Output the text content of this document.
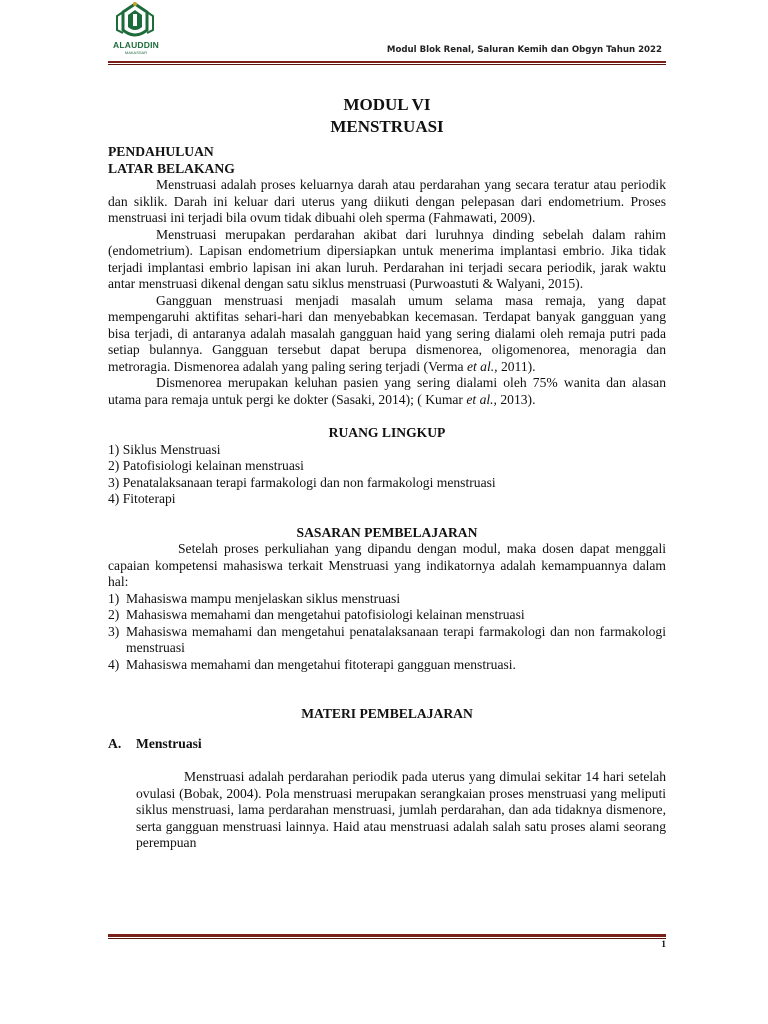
ALAUDDIN
MAKASSAR	Modul Blok Renal, Saluran Kemih dan Obgyn Tahun 2022
MODUL VI
MENSTRUASI
PENDAHULUAN
LATAR BELAKANG

Menstruasi adalah proses keluarnya darah atau perdarahan yang secara teratur atau periodik dan siklik. Darah ini keluar dari uterus yang diikuti dengan pelepasan dari endometrium. Proses menstruasi ini terjadi bila ovum tidak dibuahi oleh sperma (Fahmawati, 2009).

Menstruasi merupakan perdarahan akibat dari luruhnya dinding sebelah dalam rahim (endometrium). Lapisan endometrium dipersiapkan untuk menerima implantasi embrio. Jika tidak terjadi implantasi embrio lapisan ini akan luruh. Perdarahan ini terjadi secara periodik, jarak waktu antar menstruasi dikenal dengan satu siklus menstruasi (Purwoastuti & Walyani, 2015).

Gangguan menstruasi menjadi masalah umum selama masa remaja, yang dapat mempengaruhi aktifitas sehari-hari dan menyebabkan kecemasan. Terdapat banyak gangguan yang bisa terjadi, di antaranya adalah masalah gangguan haid yang sering dialami oleh remaja putri pada setiap bulannya. Gangguan tersebut dapat berupa dismenorea, oligomenorea, menoragia dan metroragia. Dismenorea adalah yang paling sering terjadi (Verma et al., 2011).

Dismenorea merupakan keluhan pasien yang sering dialami oleh 75% wanita dan alasan utama para remaja untuk pergi ke dokter (Sasaki, 2014); ( Kumar et al., 2013).

RUANG LINGKUP
1) Siklus Menstruasi
2) Patofisiologi kelainan menstruasi
3) Penatalaksanaan terapi farmakologi dan non farmakologi menstruasi
4) Fitoterapi
SASARAN PEMBELAJARAN

Setelah proses perkuliahan yang dipandu dengan modul, maka dosen dapat menggali capaian kompetensi mahasiswa terkait Menstruasi yang indikatornya adalah kemampuannya dalam hal:

1) Mahasiswa mampu menjelaskan siklus menstruasi
2) Mahasiswa memahami dan mengetahui patofisiologi kelainan menstruasi
3) Mahasiswa memahami dan mengetahui penatalaksanaan terapi farmakologi dan non farmakologi menstruasi
4) Mahasiswa memahami dan mengetahui fitoterapi gangguan menstruasi.
MATERI PEMBELAJARAN
A. Menstruasi

Menstruasi adalah perdarahan periodik pada uterus yang dimulai sekitar 14 hari setelah ovulasi (Bobak, 2004). Pola menstruasi merupakan serangkaian proses menstruasi yang meliputi siklus menstruasi, lama perdarahan menstruasi, jumlah perdarahan, dan ada tidaknya dismenore, serta gangguan menstruasi lainnya. Haid atau menstruasi adalah salah satu proses alami seorang perempuan

1
